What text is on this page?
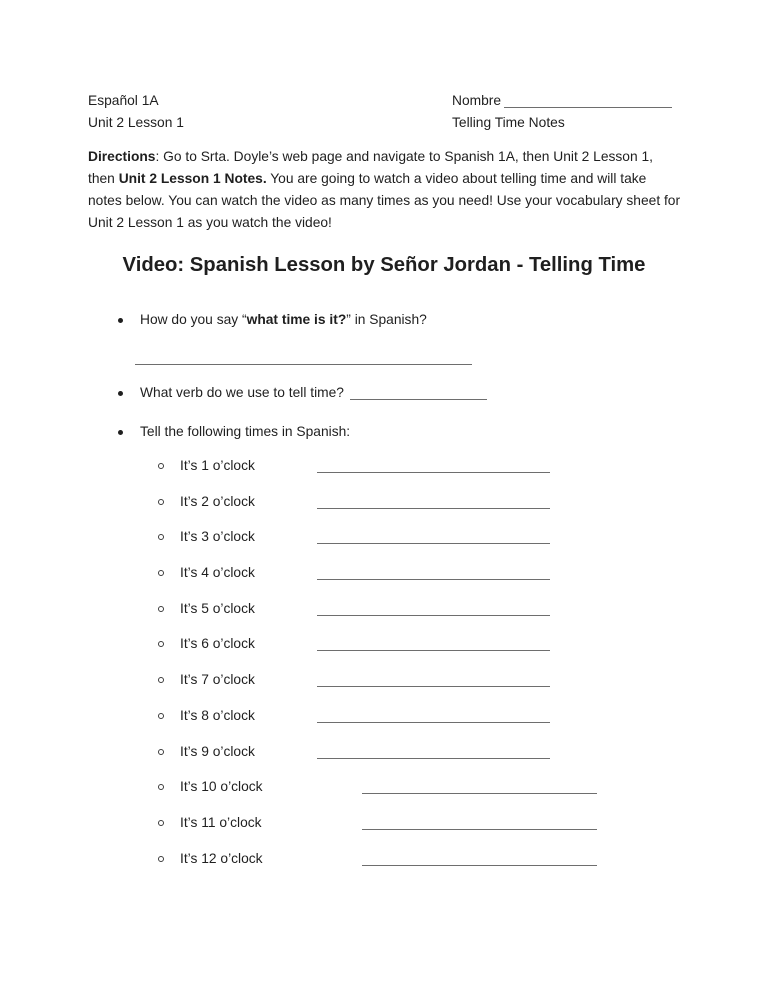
Español 1A
Unit 2 Lesson 1
Nombre
Telling Time Notes

Directions: Go to Srta. Doyle’s web page and navigate to Spanish 1A, then Unit 2 Lesson 1, then Unit 2 Lesson 1 Notes. You are going to watch a video about telling time and will take notes below. You can watch the video as many times as you need! Use your vocabulary sheet for Unit 2 Lesson 1 as you watch the video!

Video: Spanish Lesson by Señor Jordan - Telling Time
How do you say “what time is it?” in Spanish?
What verb do we use to tell time?
Tell the following times in Spanish:
It’s 1 o’clock
It’s 2 o’clock
It’s 3 o’clock
It’s 4 o’clock
It’s 5 o’clock
It’s 6 o’clock
It’s 7 o’clock
It’s 8 o’clock
It’s 9 o’clock
It’s 10 o’clock
It’s 11 o’clock
It’s 12 o’clock
